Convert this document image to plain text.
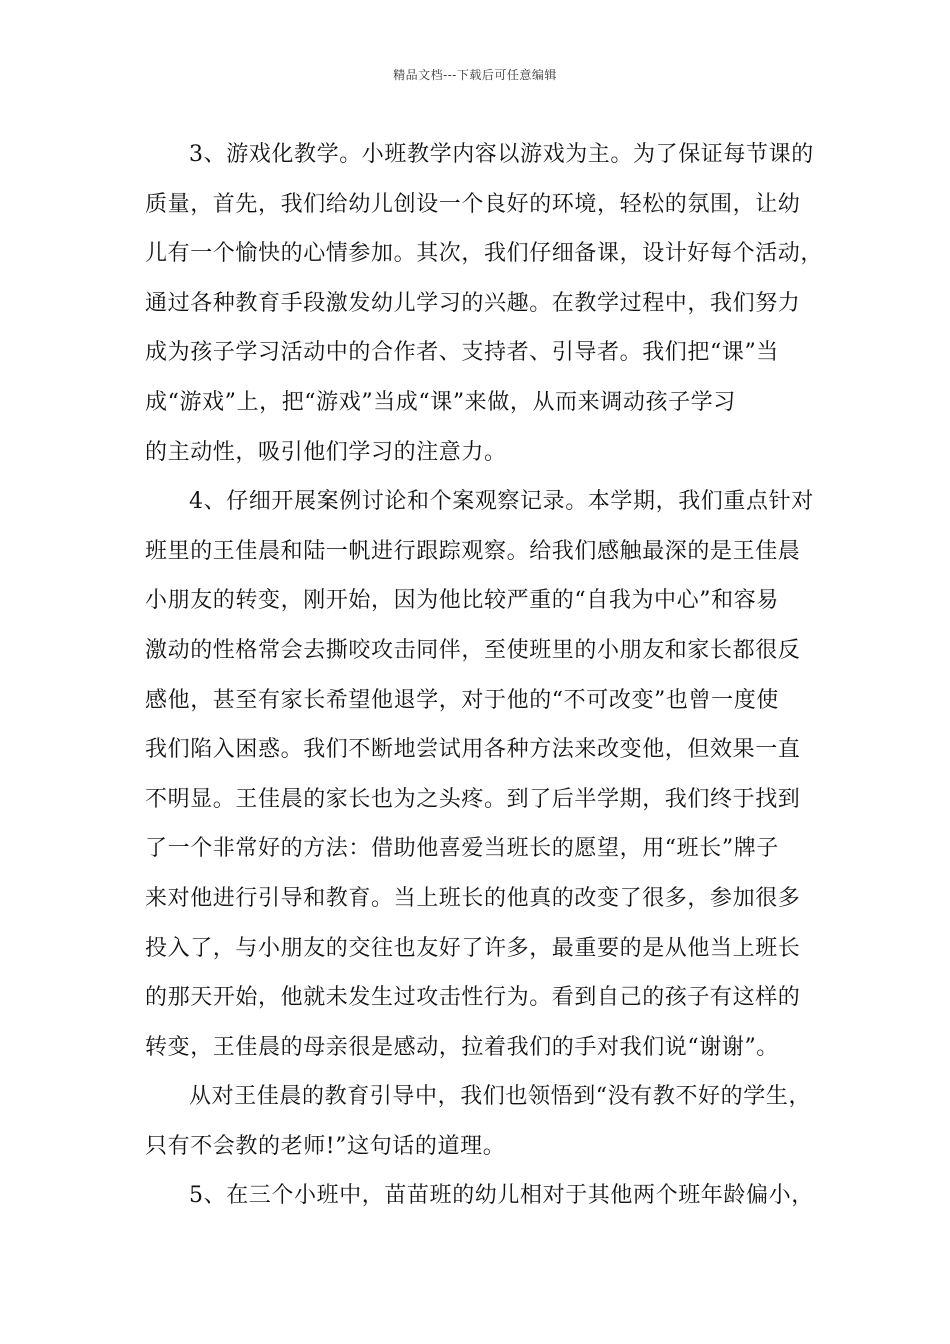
精品文档---下载后可任意编辑
3、游戏化教学。小班教学内容以游戏为主。为了保证每节课的
质量，首先，我们给幼儿创设一个良好的环境，轻松的氛围，让幼
儿有一个愉快的心情参加。其次，我们仔细备课，设计好每个活动，
通过各种教育手段激发幼儿学习的兴趣。在教学过程中，我们努力
成为孩子学习活动中的合作者、支持者、引导者。我们把“课”当
成“游戏”上，把“游戏”当成“课”来做，从而来调动孩子学习
的主动性，吸引他们学习的注意力。
4、仔细开展案例讨论和个案观察记录。本学期，我们重点针对
班里的王佳晨和陆一帆进行跟踪观察。给我们感触最深的是王佳晨
小朋友的转变，刚开始，因为他比较严重的“自我为中心”和容易
激动的性格常会去撕咬攻击同伴，至使班里的小朋友和家长都很反
感他，甚至有家长希望他退学，对于他的“不可改变”也曾一度使
我们陷入困惑。我们不断地尝试用各种方法来改变他，但效果一直
不明显。王佳晨的家长也为之头疼。到了后半学期，我们终于找到
了一个非常好的方法：借助他喜爱当班长的愿望，用“班长”牌子
来对他进行引导和教育。当上班长的他真的改变了很多，参加很多
投入了，与小朋友的交往也友好了许多，最重要的是从他当上班长
的那天开始，他就未发生过攻击性行为。看到自己的孩子有这样的
转变，王佳晨的母亲很是感动，拉着我们的手对我们说“谢谢”。
从对王佳晨的教育引导中，我们也领悟到“没有教不好的学生，
只有不会教的老师!”这句话的道理。
5、在三个小班中，苗苗班的幼儿相对于其他两个班年龄偏小，
